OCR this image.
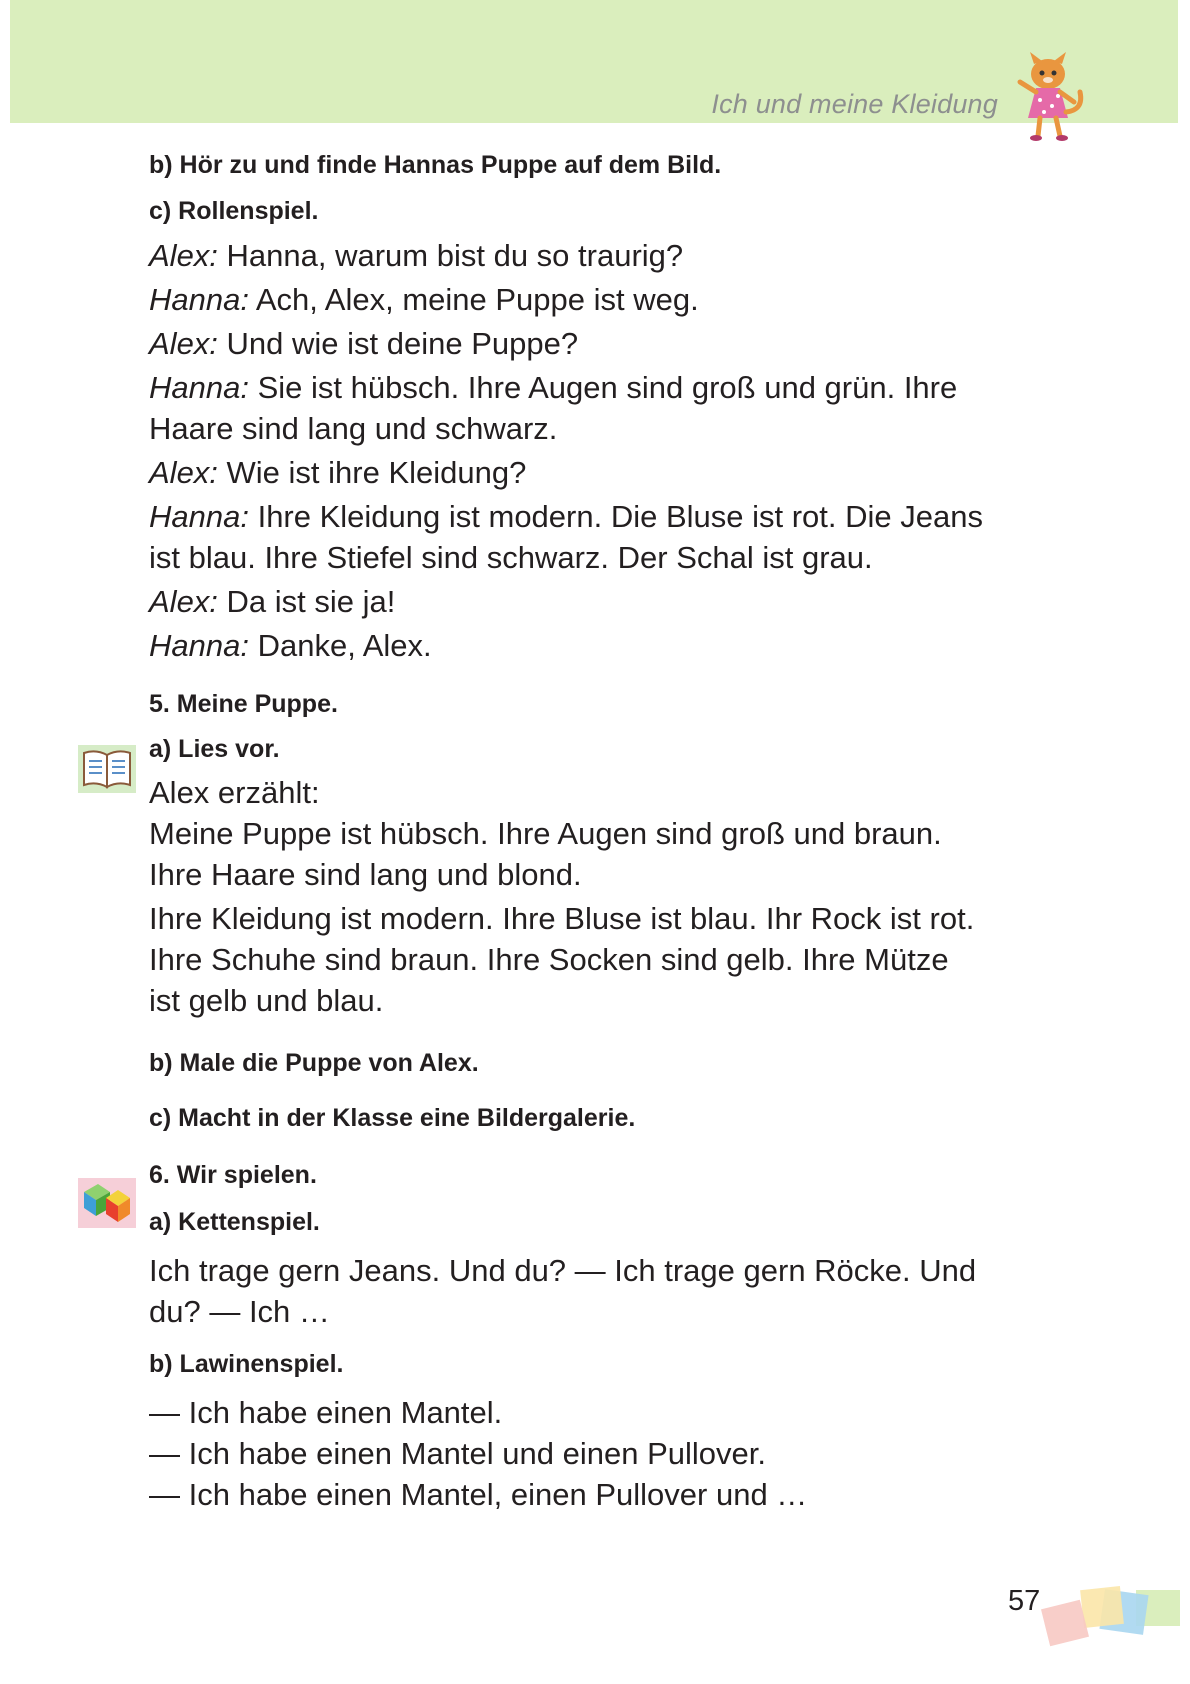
Ich und meine Kleidung
b) Hör zu und finde Hannas Puppe auf dem Bild.
c) Rollenspiel.
Alex: Hanna, warum bist du so traurig?
Hanna: Ach, Alex, meine Puppe ist weg.
Alex: Und wie ist deine Puppe?
Hanna: Sie ist hübsch. Ihre Augen sind groß und grün. Ihre
Haare sind lang und schwarz.
Alex: Wie ist ihre Kleidung?
Hanna: Ihre Kleidung ist modern. Die Bluse ist rot. Die Jeans
ist blau. Ihre Stiefel sind schwarz. Der Schal ist grau.
Alex: Da ist sie ja!
Hanna: Danke, Alex.
5. Meine Puppe.
a) Lies vor.
Alex erzählt:
Meine Puppe ist hübsch. Ihre Augen sind groß und braun.
Ihre Haare sind lang und blond.
Ihre Kleidung ist modern. Ihre Bluse ist blau. Ihr Rock ist rot.
Ihre Schuhe sind braun. Ihre Socken sind gelb. Ihre Mütze
ist gelb und blau.
b) Male die Puppe von Alex.
c) Macht in der Klasse eine Bildergalerie.
6. Wir spielen.
a) Kettenspiel.
Ich trage gern Jeans. Und du? — Ich trage gern Röcke. Und
du? — Ich …
b) Lawinenspiel.
— Ich habe einen Mantel.
— Ich habe einen Mantel und einen Pullover.
— Ich habe einen Mantel, einen Pullover und …
57
